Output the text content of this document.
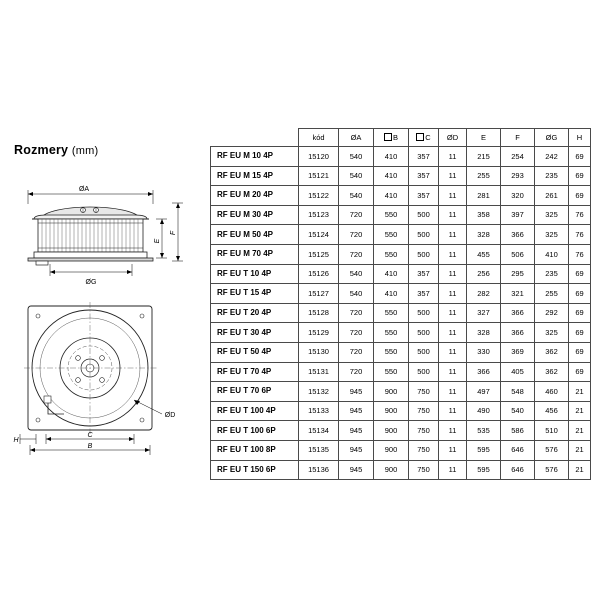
Rozmery (mm)
ØA
E
F
ØG
ØD
H
C
B
	kód	ØA	B	C	ØD	E	F	ØG	H
RF EU M 10 4P	15120	540	410	357	11	215	254	242	69
RF EU M 15 4P	15121	540	410	357	11	255	293	235	69
RF EU M 20 4P	15122	540	410	357	11	281	320	261	69
RF EU M 30 4P	15123	720	550	500	11	358	397	325	76
RF EU M 50 4P	15124	720	550	500	11	328	366	325	76
RF EU M 70 4P	15125	720	550	500	11	455	506	410	76
RF EU T 10 4P	15126	540	410	357	11	256	295	235	69
RF EU T 15 4P	15127	540	410	357	11	282	321	255	69
RF EU T 20 4P	15128	720	550	500	11	327	366	292	69
RF EU T 30 4P	15129	720	550	500	11	328	366	325	69
RF EU T 50 4P	15130	720	550	500	11	330	369	362	69
RF EU T 70 4P	15131	720	550	500	11	366	405	362	69
RF EU T 70 6P	15132	945	900	750	11	497	548	460	21
RF EU T 100 4P	15133	945	900	750	11	490	540	456	21
RF EU T 100 6P	15134	945	900	750	11	535	586	510	21
RF EU T 100 8P	15135	945	900	750	11	595	646	576	21
RF EU T 150 6P	15136	945	900	750	11	595	646	576	21
